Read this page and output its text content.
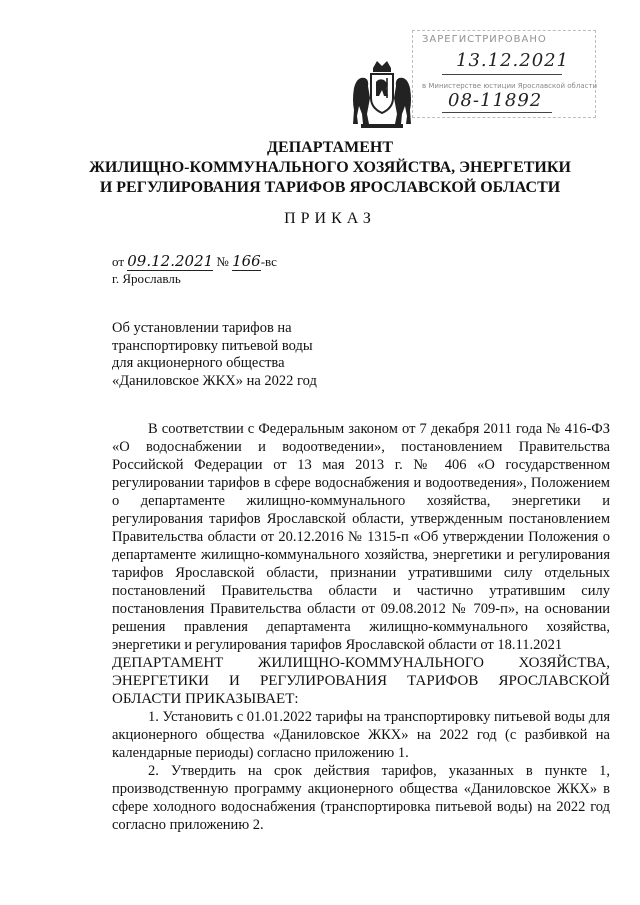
ЗАРЕГИСТРИРОВАНО
13.12.2021
в Министерстве юстиции Ярославской области
08-11892
ДЕПАРТАМЕНТ
ЖИЛИЩНО-КОММУНАЛЬНОГО ХОЗЯЙСТВА, ЭНЕРГЕТИКИ
И РЕГУЛИРОВАНИЯ ТАРИФОВ ЯРОСЛАВСКОЙ ОБЛАСТИ
ПРИКАЗ
от 09.12.2021 № 166-вс
г. Ярославль
Об установлении тарифов на
транспортировку питьевой воды
для акционерного общества
«Даниловское ЖКХ» на 2022 год

В соответствии с Федеральным законом от 7 декабря 2011 года № 416-ФЗ «О водоснабжении и водоотведении», постановлением Правительства Российской Федерации от 13 мая 2013 г. № 406 «О государственном регулировании тарифов в сфере водоснабжения и водоотведения», Положением о департаменте жилищно-коммунального хозяйства, энергетики и регулирования тарифов Ярославской области, утвержденным постановлением Правительства области от 20.12.2016 № 1315-п «Об утверждении Положения о департаменте жилищно-коммунального хозяйства, энергетики и регулирования тарифов Ярославской области, признании утратившими силу отдельных постановлений Правительства области и частично утратившим силу постановления Правительства области от 09.08.2012 № 709-п», на основании решения правления департамента жилищно-коммунального хозяйства, энергетики и регулирования тарифов Ярославской области от 18.11.2021

ДЕПАРТАМЕНТ ЖИЛИЩНО-КОММУНАЛЬНОГО ХОЗЯЙСТВА, ЭНЕРГЕТИКИ И РЕГУЛИРОВАНИЯ ТАРИФОВ ЯРОСЛАВСКОЙ ОБЛАСТИ ПРИКАЗЫВАЕТ:

1. Установить с 01.01.2022 тарифы на транспортировку питьевой воды для акционерного общества «Даниловское ЖКХ» на 2022 год (с разбивкой на календарные периоды) согласно приложению 1.

2. Утвердить на срок действия тарифов, указанных в пункте 1, производственную программу акционерного общества «Даниловское ЖКХ» в сфере холодного водоснабжения (транспортировка питьевой воды) на 2022 год согласно приложению 2.
